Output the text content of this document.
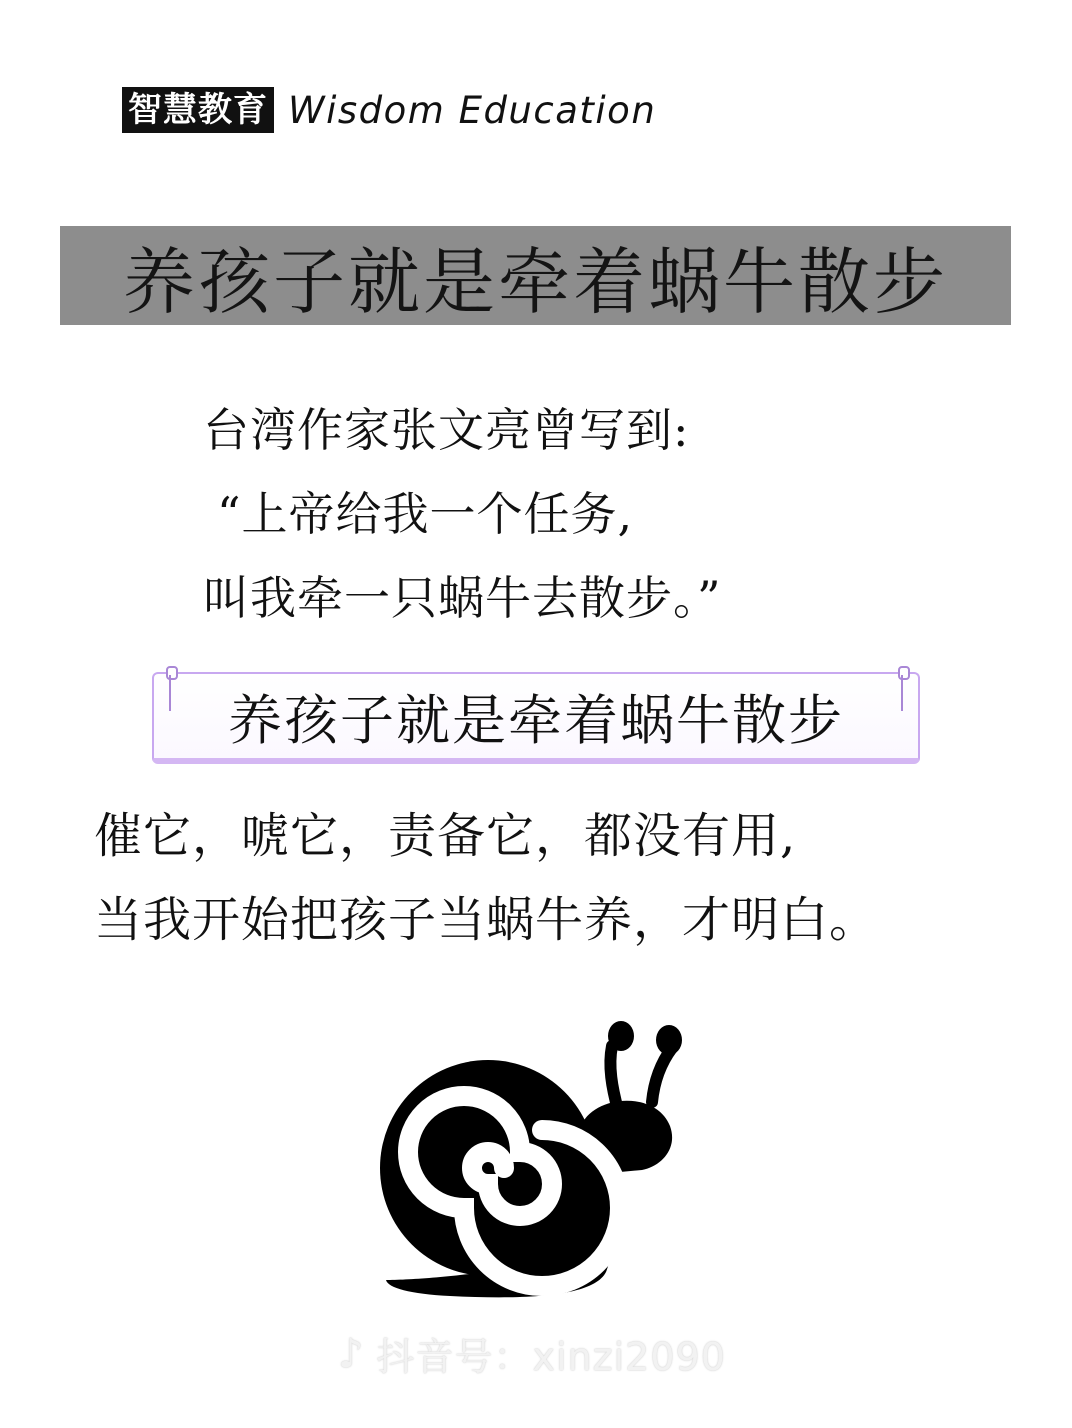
智慧教育 Wisdom Education
养孩子就是牵着蜗牛散步
台湾作家张文亮曾写到:
“上帝给我一个任务,
叫我牵一只蜗牛去散步。”
养孩子就是牵着蜗牛散步
催它，唬它，责备它，都没有用,
当我开始把孩子当蜗牛养，才明白。
♪ 抖音号：xinzi2090
